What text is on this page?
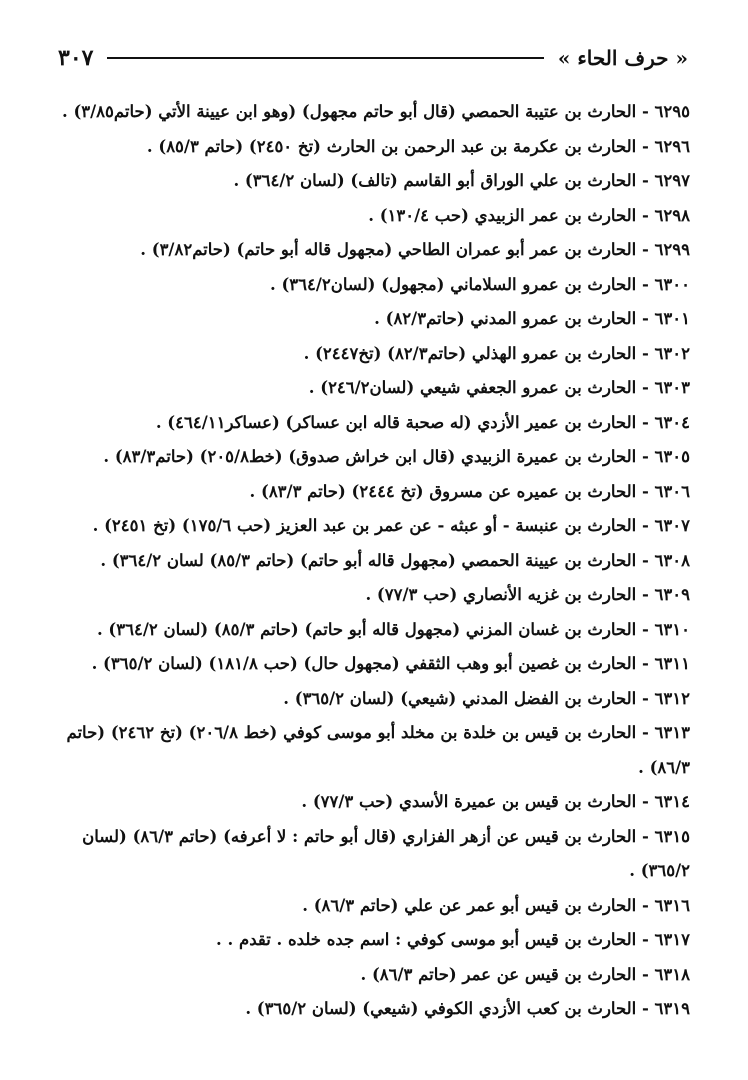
« حرف الحاء »
٣٠٧
٦٢٩٥ - الحارث بن عتيبة الحمصي (قال أبو حاتم مجهول) (وهو ابن عيينة الأتي (حاتم٣/٨٥) .
٦٢٩٦ - الحارث بن عكرمة بن عبد الرحمن بن الحارث (تخ ٢٤٥٠) (حاتم ٨٥/٣) .
٦٢٩٧ - الحارث بن علي الوراق أبو القاسم (تالف) (لسان ٣٦٤/٢) .
٦٢٩٨ - الحارث بن عمر الزبيدي (حب ١٣٠/٤) .
٦٢٩٩ - الحارث بن عمر أبو عمران الطاحي (مجهول قاله أبو حاتم) (حاتم٣/٨٢) .
٦٣٠٠ - الحارث بن عمرو السلاماني (مجهول) (لسان٣٦٤/٢) .
٦٣٠١ - الحارث بن عمرو المدني (حاتم٨٢/٣) .
٦٣٠٢ - الحارث بن عمرو الهذلي (حاتم٨٢/٣) (تخ٢٤٤٧) .
٦٣٠٣ - الحارث بن عمرو الجعفي شيعي (لسان٢٤٦/٢) .
٦٣٠٤ - الحارث بن عمير الأزدي (له صحبة قاله ابن عساكر) (عساكر٤٦٤/١١) .
٦٣٠٥ - الحارث بن عميرة الزبيدي (قال ابن خراش صدوق) (خط٢٠٥/٨) (حاتم٨٣/٣) .
٦٣٠٦ - الحارث بن عميره عن مسروق (تخ ٢٤٤٤) (حاتم ٨٣/٣) .
٦٣٠٧ - الحارث بن عنبسة - أو عبثه - عن عمر بن عبد العزيز (حب ١٧٥/٦) (تخ ٢٤٥١) .
٦٣٠٨ - الحارث بن عيينة الحمصي (مجهول قاله أبو حاتم) (حاتم ٨٥/٣) لسان ٣٦٤/٢) .
٦٣٠٩ - الحارث بن غزيه الأنصاري (حب ٧٧/٣) .
٦٣١٠ - الحارث بن غسان المزني (مجهول قاله أبو حاتم) (حاتم ٨٥/٣) (لسان ٣٦٤/٢) .
٦٣١١ - الحارث بن غصين أبو وهب الثقفي (مجهول حال) (حب ١٨١/٨) (لسان ٣٦٥/٢) .
٦٣١٢ - الحارث بن الفضل المدني (شيعي) (لسان ٣٦٥/٢) .
٦٣١٣ - الحارث بن قيس بن خلدة بن مخلد أبو موسى كوفي (خط ٢٠٦/٨) (تخ ٢٤٦٢) (حاتم ٨٦/٣) .
٦٣١٤ - الحارث بن قيس بن عميرة الأسدي (حب ٧٧/٣) .
٦٣١٥ - الحارث بن قيس عن أزهر الفزاري (قال أبو حاتم : لا أعرفه) (حاتم ٨٦/٣) (لسان ٣٦٥/٢) .
٦٣١٦ - الحارث بن قيس أبو عمر عن علي (حاتم ٨٦/٣) .
٦٣١٧ - الحارث بن قيس أبو موسى كوفي : اسم جده خلده . تقدم . .
٦٣١٨ - الحارث بن قيس عن عمر (حاتم ٨٦/٣) .
٦٣١٩ - الحارث بن كعب الأزدي الكوفي (شيعي) (لسان ٣٦٥/٢) .
